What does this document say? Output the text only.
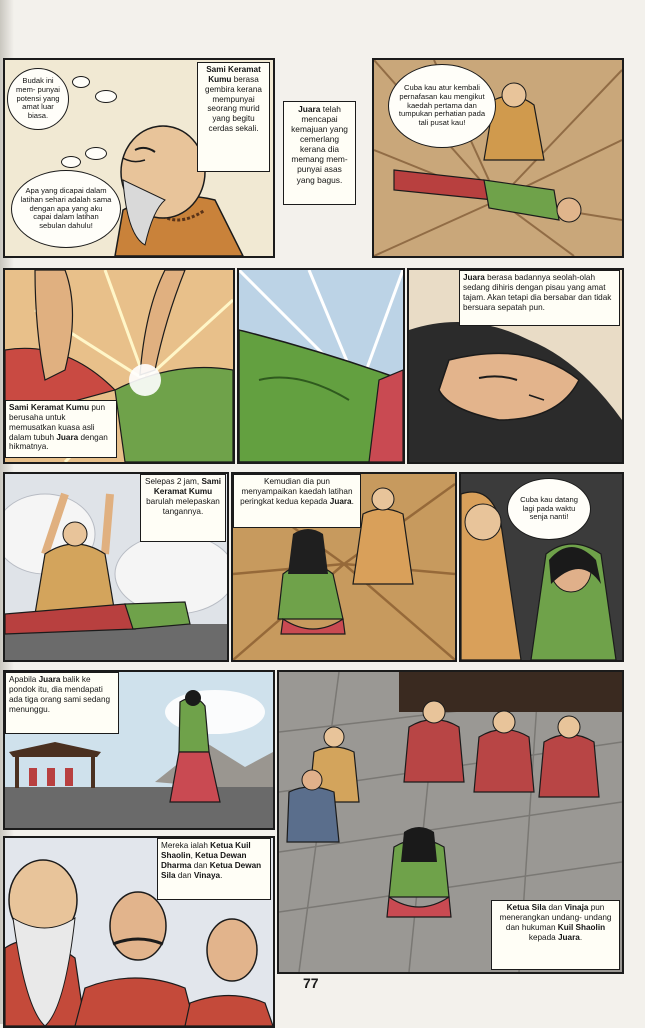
Budak ini mem- punyai potensi yang amat luar biasa.
Apa yang dicapai dalam latihan sehari adalah sama dengan apa yang aku capai dalam latihan sebulan dahulu!
Sami Keramat Kumu berasa gembira kerana mempunyai seorang murid yang begitu cerdas sekali.
Juara telah mencapai kemajuan yang cemerlang kerana dia memang mem- punyai asas yang bagus.
Cuba kau atur kembali pernafasan kau mengikut kaedah pertama dan tumpukan perhatian pada tali pusat kau!
Sami Keramat Kumu pun berusaha untuk memusatkan kuasa asli dalam tubuh Juara dengan hikmatnya.
Juara berasa badannya seolah-olah sedang dihiris dengan pisau yang amat tajam. Akan tetapi dia bersabar dan tidak bersuara sepatah pun.
Selepas 2 jam, Sami Keramat Kumu barulah melepaskan tangannya.
Kemudian dia pun menyampaikan kaedah latihan peringkat kedua kepada Juara.	Cuba kau datang lagi pada waktu senja nanti!
Apabila Juara balik ke pondok itu, dia mendapati ada tiga orang sami sedang menunggu.
Ketua Sila dan Vinaja pun menerangkan undang- undang dan hukuman Kuil Shaolin kepada Juara.
Mereka ialah Ketua Kuil Shaolin, Ketua Dewan Dharma dan Ketua Dewan Sila dan Vinaya.
77
